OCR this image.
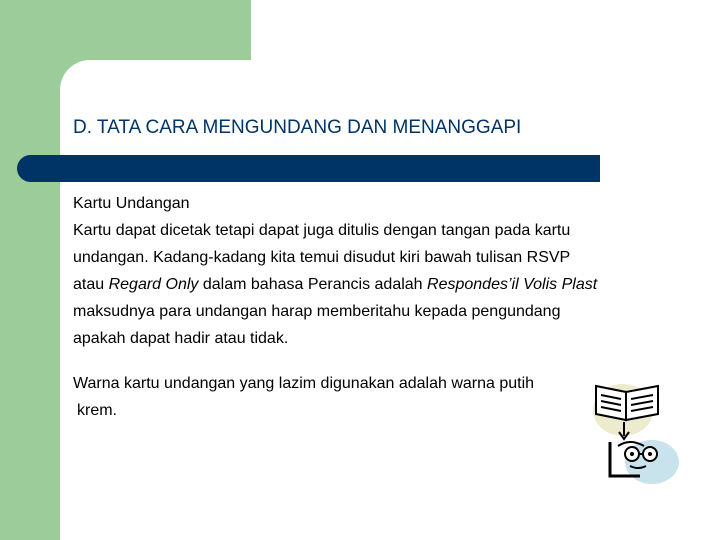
D. TATA CARA MENGUNDANG DAN MENANGGAPI

Kartu Undangan

Kartu dapat dicetak tetapi dapat juga ditulis dengan tangan pada kartu

undangan. Kadang-kadang kita temui disudut kiri bawah tulisan RSVP

atau Regard Only dalam bahasa Perancis adalah Respondes’il Volis Plast

maksudnya para undangan harap memberitahu kepada pengundang

apakah dapat hadir atau tidak.

Warna kartu undangan yang lazim digunakan adalah warna putih

krem.
